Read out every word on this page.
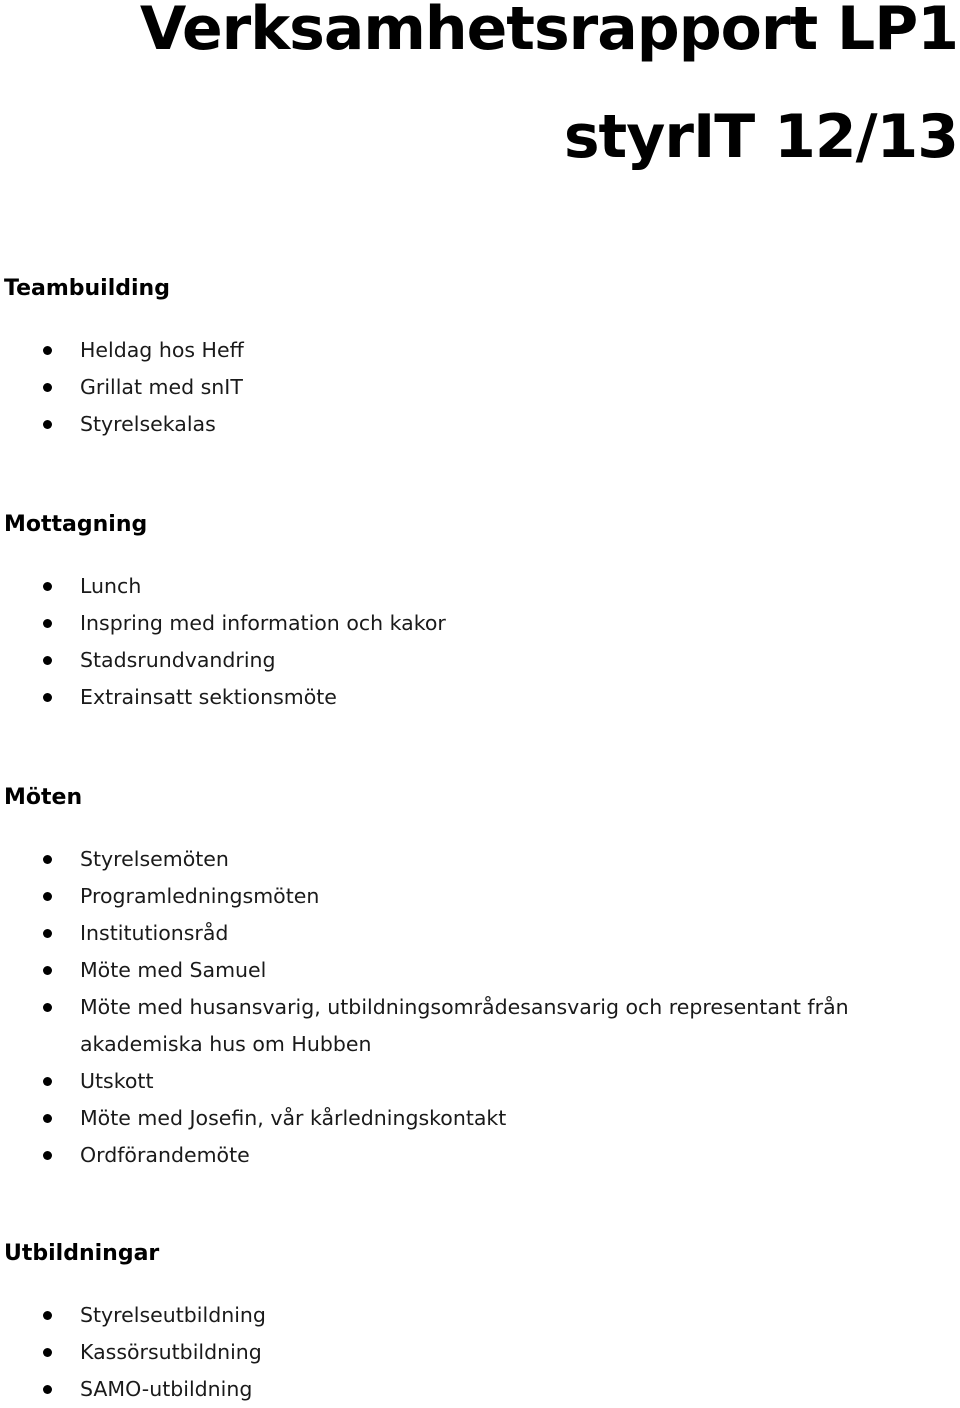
Verksamhetsrapport LP1
styrIT 12/13
Teambuilding
Heldag hos Heff
Grillat med snIT
Styrelsekalas
Mottagning
Lunch
Inspring med information och kakor
Stadsrundvandring
Extrainsatt sektionsmöte
Möten
Styrelsemöten
Programledningsmöten
Institutionsråd
Möte med Samuel
Möte med husansvarig, utbildningsområdesansvarig och representant från akademiska hus om Hubben
Utskott
Möte med Josefin, vår kårledningskontakt
Ordförandemöte
Utbildningar
Styrelseutbildning
Kassörsutbildning
SAMO-utbildning
